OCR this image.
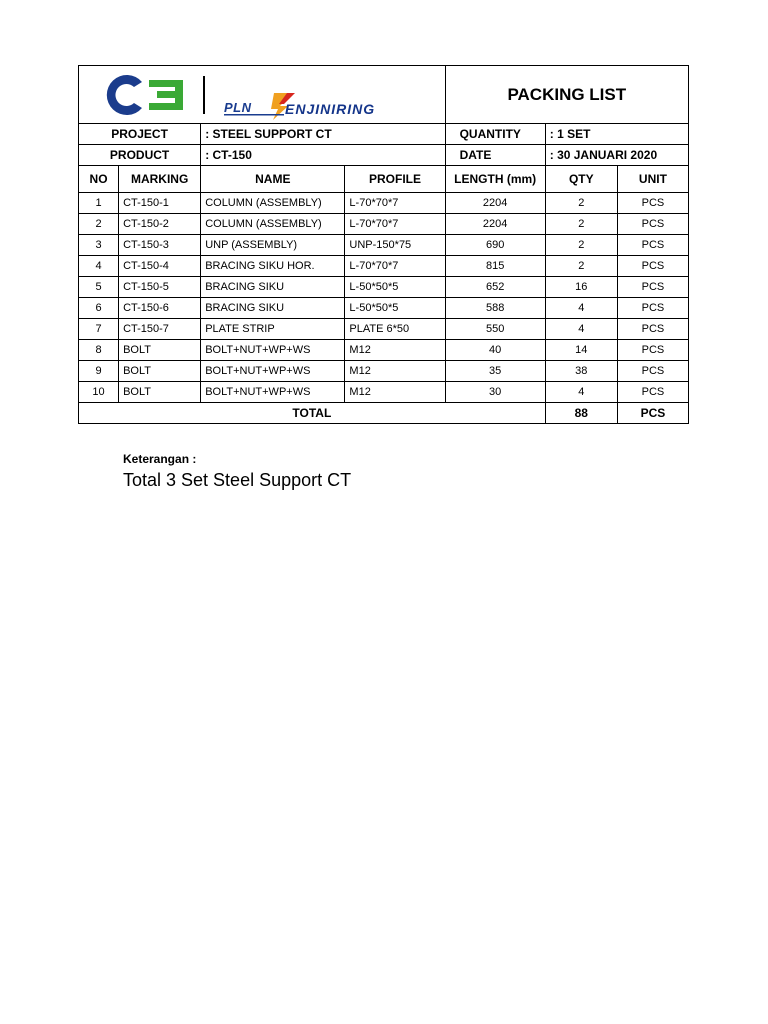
PLN ENJINIRING				PACKING LIST		
PROJECT		: STEEL SUPPORT CT		QUANTITY	: 1 SET	
PRODUCT		: CT-150		DATE	: 30 JANUARI 2020	
NO	MARKING	NAME	PROFILE	LENGTH (mm)	QTY	UNIT
1	CT-150-1	COLUMN (ASSEMBLY)	L-70*70*7	2204	2	PCS
2	CT-150-2	COLUMN (ASSEMBLY)	L-70*70*7	2204	2	PCS
3	CT-150-3	UNP (ASSEMBLY)	UNP-150*75	690	2	PCS
4	CT-150-4	BRACING SIKU HOR.	L-70*70*7	815	2	PCS
5	CT-150-5	BRACING SIKU	L-50*50*5	652	16	PCS
6	CT-150-6	BRACING SIKU	L-50*50*5	588	4	PCS
7	CT-150-7	PLATE STRIP	PLATE 6*50	550	4	PCS
8	BOLT	BOLT+NUT+WP+WS	M12	40	14	PCS
9	BOLT	BOLT+NUT+WP+WS	M12	35	38	PCS
10	BOLT	BOLT+NUT+WP+WS	M12	30	4	PCS
TOTAL					88	PCS
Keterangan :
Total 3 Set Steel Support CT
